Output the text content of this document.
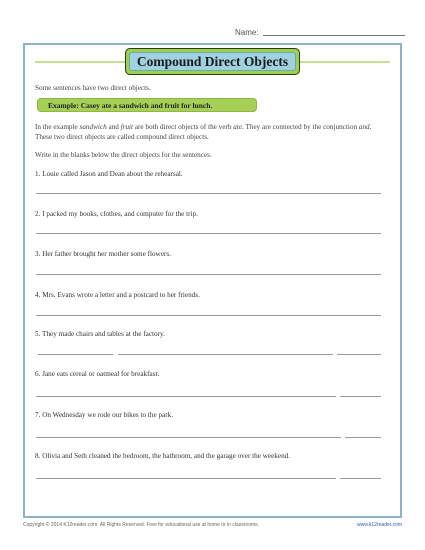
Name:
Compound Direct Objects
Some sentences have two direct objects.
Example: Casey ate a sandwich and fruit for lunch.
In the example sandwich and fruit are both direct objects of the verb ate. They are connected by the conjunction and. These two direct objects are called compound direct objects.
Write in the blanks below the direct objects for the sentences.
1. Louie called Jason and Dean about the rehearsal.
2. I packed my books, clothes, and computer for the trip.
3. Her father brought her mother some flowers.
4. Mrs. Evans wrote a letter and a postcard to her friends.
5. They made chairs and tables at the factory.
6. Jane eats cereal or oatmeal for breakfast.
7. On Wednesday we rode our bikes to the park.
8. Olivia and Seth cleaned the bedroom, the bathroom, and the garage over the weekend.
Copyright © 2014 K12reader.com. All Rights Reserved. Free for educational use at home or in classrooms.	www.k12reader.com
